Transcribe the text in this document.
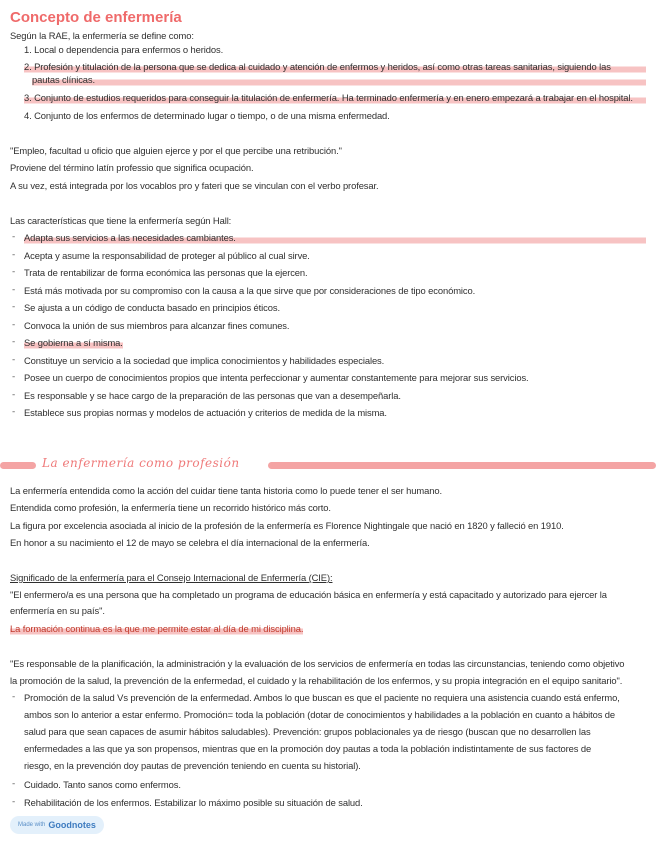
Concepto de enfermería
Según la RAE, la enfermería se define como:
1. Local o dependencia para enfermos o heridos.
2. Profesión y titulación de la persona que se dedica al cuidado y atención de enfermos y heridos, así como otras tareas sanitarias, siguiendo las
pautas clínicas.
3. Conjunto de estudios requeridos para conseguir la titulación de enfermería. Ha terminado enfermería y en enero empezará a trabajar en el hospital.
4. Conjunto de los enfermos de determinado lugar o tiempo, o de una misma enfermedad.
"Empleo, facultad u oficio que alguien ejerce y por el que percibe una retribución."
Proviene del término latín professio que significa ocupación.
A su vez, está integrada por los vocablos pro y fateri que se vinculan con el verbo profesar.
Las características que tiene la enfermería según Hall:
- Adapta sus servicios a las necesidades cambiantes.
- Acepta y asume la responsabilidad de proteger al público al cual sirve.
- Trata de rentabilizar de forma económica las personas que la ejercen.
- Está más motivada por su compromiso con la causa a la que sirve que por consideraciones de tipo económico.
- Se ajusta a un código de conducta basado en principios éticos.
- Convoca la unión de sus miembros para alcanzar fines comunes.
- Se gobierna a sí misma.
- Constituye un servicio a la sociedad que implica conocimientos y habilidades especiales.
- Posee un cuerpo de conocimientos propios que intenta perfeccionar y aumentar constantemente para mejorar sus servicios.
- Es responsable y se hace cargo de la preparación de las personas que van a desempeñarla.
- Establece sus propias normas y modelos de actuación y criterios de medida de la misma.
La enfermería como profesión
La enfermería entendida como la acción del cuidar tiene tanta historia como lo puede tener el ser humano.
Entendida como profesión, la enfermería tiene un recorrido histórico más corto.
La figura por excelencia asociada al inicio de la profesión de la enfermería es Florence Nightingale que nació en 1820 y falleció en 1910.
En honor a su nacimiento el 12 de mayo se celebra el día internacional de la enfermería.
Significado de la enfermería para el Consejo Internacional de Enfermería (CIE):
"El enfermero/a es una persona que ha completado un programa de educación básica en enfermería y está capacitado y autorizado para ejercer la
enfermería en su país".
La formación continua es la que me permite estar al día de mi disciplina.
"Es responsable de la planificación, la administración y la evaluación de los servicios de enfermería en todas las circunstancias, teniendo como objetivo
la promoción de la salud, la prevención de la enfermedad, el cuidado y la rehabilitación de los enfermos, y su propia integración en el equipo sanitario".
- Promoción de la salud Vs prevención de la enfermedad. Ambos lo que buscan es que el paciente no requiera una asistencia cuando está enfermo,
ambos son lo anterior a estar enfermo. Promoción= toda la población (dotar de conocimientos y habilidades a la población en cuanto a hábitos de
salud para que sean capaces de asumir hábitos saludables). Prevención: grupos poblacionales ya de riesgo (buscan que no desarrollen las
enfermedades a las que ya son propensos, mientras que en la promoción doy pautas a toda la población indistintamente de sus factores de
riesgo, en la prevención doy pautas de prevención teniendo en cuenta su historial).
- Cuidado. Tanto sanos como enfermos.
- Rehabilitación de los enfermos. Estabilizar lo máximo posible su situación de salud.
Made with Goodnotes
